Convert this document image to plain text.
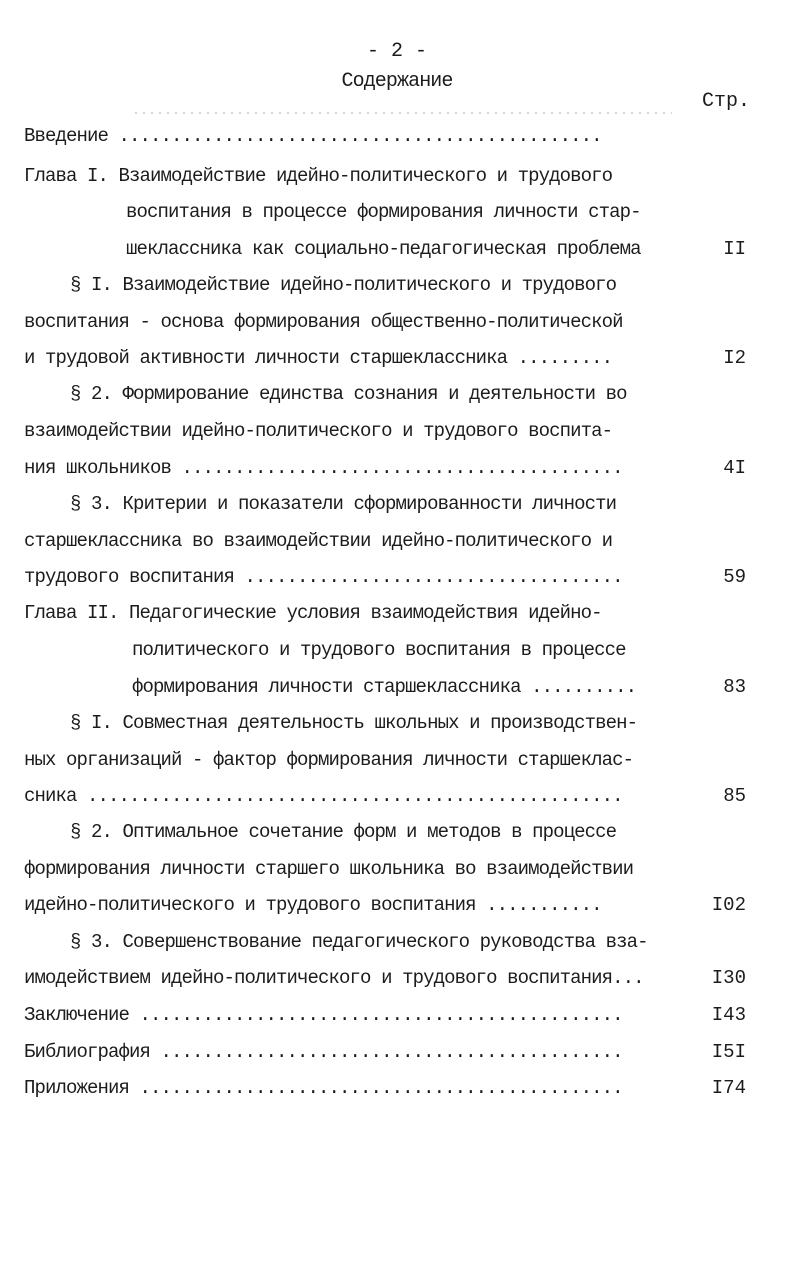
- 2 -
Содержание
Стр.
Введение ..............................................
Глава I. Взаимодействие идейно-политического и трудового
воспитания в процессе формирования личности стар-
шеклассника как социально-педагогическая проблема	II
§ I. Взаимодействие идейно-политического и трудового
воспитания - основа формирования общественно-политической
и трудовой активности личности старшеклассника .........	I2
§ 2. Формирование единства сознания и деятельности во
взаимодействии идейно-политического и трудового воспита-
ния школьников ..........................................	4I
§ 3. Критерии и показатели сформированности личности
старшеклассника во взаимодействии идейно-политического и
трудового воспитания ....................................	59
Глава II. Педагогические условия взаимодействия идейно-
политического и трудового воспитания в процессе
формирования личности старшеклассника ..........	83
§ I. Совместная деятельность школьных и производствен-
ных организаций - фактор формирования личности старшеклас-
сника ...................................................	85
§ 2. Оптимальное сочетание форм и методов в процессе
формирования личности старшего школьника во взаимодействии
идейно-политического и трудового воспитания ...........	I02
§ 3. Совершенствование педагогического руководства вза-
имодействием идейно-политического и трудового воспитания...	I30
Заключение ..............................................	I43
Библиография ............................................	I5I
Приложения ..............................................	I74
